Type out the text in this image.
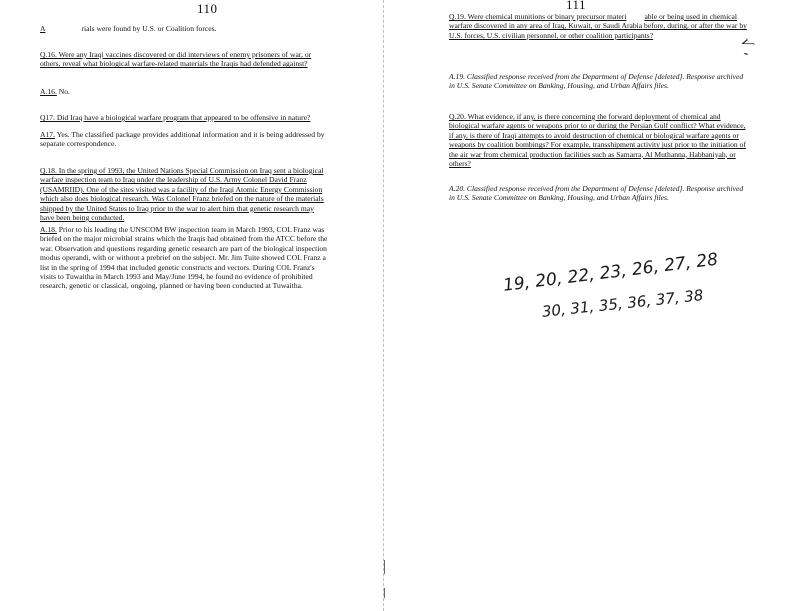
110	111
A	rials were found by U.S. or Coalition forces.

Q.16. Were any Iraqi vaccines discovered or did interviews of enemy prisoners of war, or others, reveal what biological warfare-related materials the Iraqis had defended against?

A.16. No.

Q17. Did Iraq have a biological warfare program that appeared to be offensive in nature?

A17. Yes. The classified package provides additional information and it is being addressed by separate correspondence.

Q.18. In the spring of 1993, the United Nations Special Commission on Iraq sent a biological warfare inspection team to Iraq under the leadership of U.S. Army Colonel David Franz (USAMRIID). One of the sites visited was a facility of the Iraqi Atomic Energy Commission which also does biological research. Was Colonel Franz briefed on the nature of the materials shipped by the United States to Iraq prior to the war to alert him that genetic research may have been being conducted.

A.18. Prior to his leading the UNSCOM BW inspection team in March 1993, COL Franz was briefed on the major microbial strains which the Iraqis had obtained from the ATCC before the war. Observation and questions regarding genetic research are part of the biological inspection modus operandi, with or without a prebrief on the subject. Mr. Jim Tuite showed COL Franz a list in the spring of 1994 that included genetic constructs and vectors. During COL Franz's visits to Tuwaitha in March 1993 and May/June 1994, he found no evidence of prohibited research, genetic or classical, ongoing, planned or having been conducted at Tuwaitha.
Q.19. Were chemical munitions or binary precursor materi able or being used in chemical warfare discovered in any area of Iraq, Kuwait, or Saudi Arabia before, during, or after the war by U.S. forces, U.S. civilian personnel, or other coalition participants?

A.19. Classified response received from the Department of Defense [deleted]. Response archived in U.S. Senate Committee on Banking, Housing, and Urban Affairs files.

Q.20. What evidence, if any, is there concerning the forward deployment of chemical and biological warfare agents or weapons prior to or during the Persian Gulf conflict? What evidence, if any, is there of Iraqi attempts to avoid destruction of chemical or biological warfare agents or weapons by coalition bombings? For example, transshipment activity just prior to the initiation of the air war from chemical production facilities such as Samarra, Al Muthanna, Habbaniyah, or others?

A.20. Classified response received from the Department of Defense [deleted]. Response archived in U.S. Senate Committee on Banking, Housing, and Urban Affairs files.

19, 20, 22, 23, 26, 27, 28
30, 31, 35, 36, 37, 38
√ ,
